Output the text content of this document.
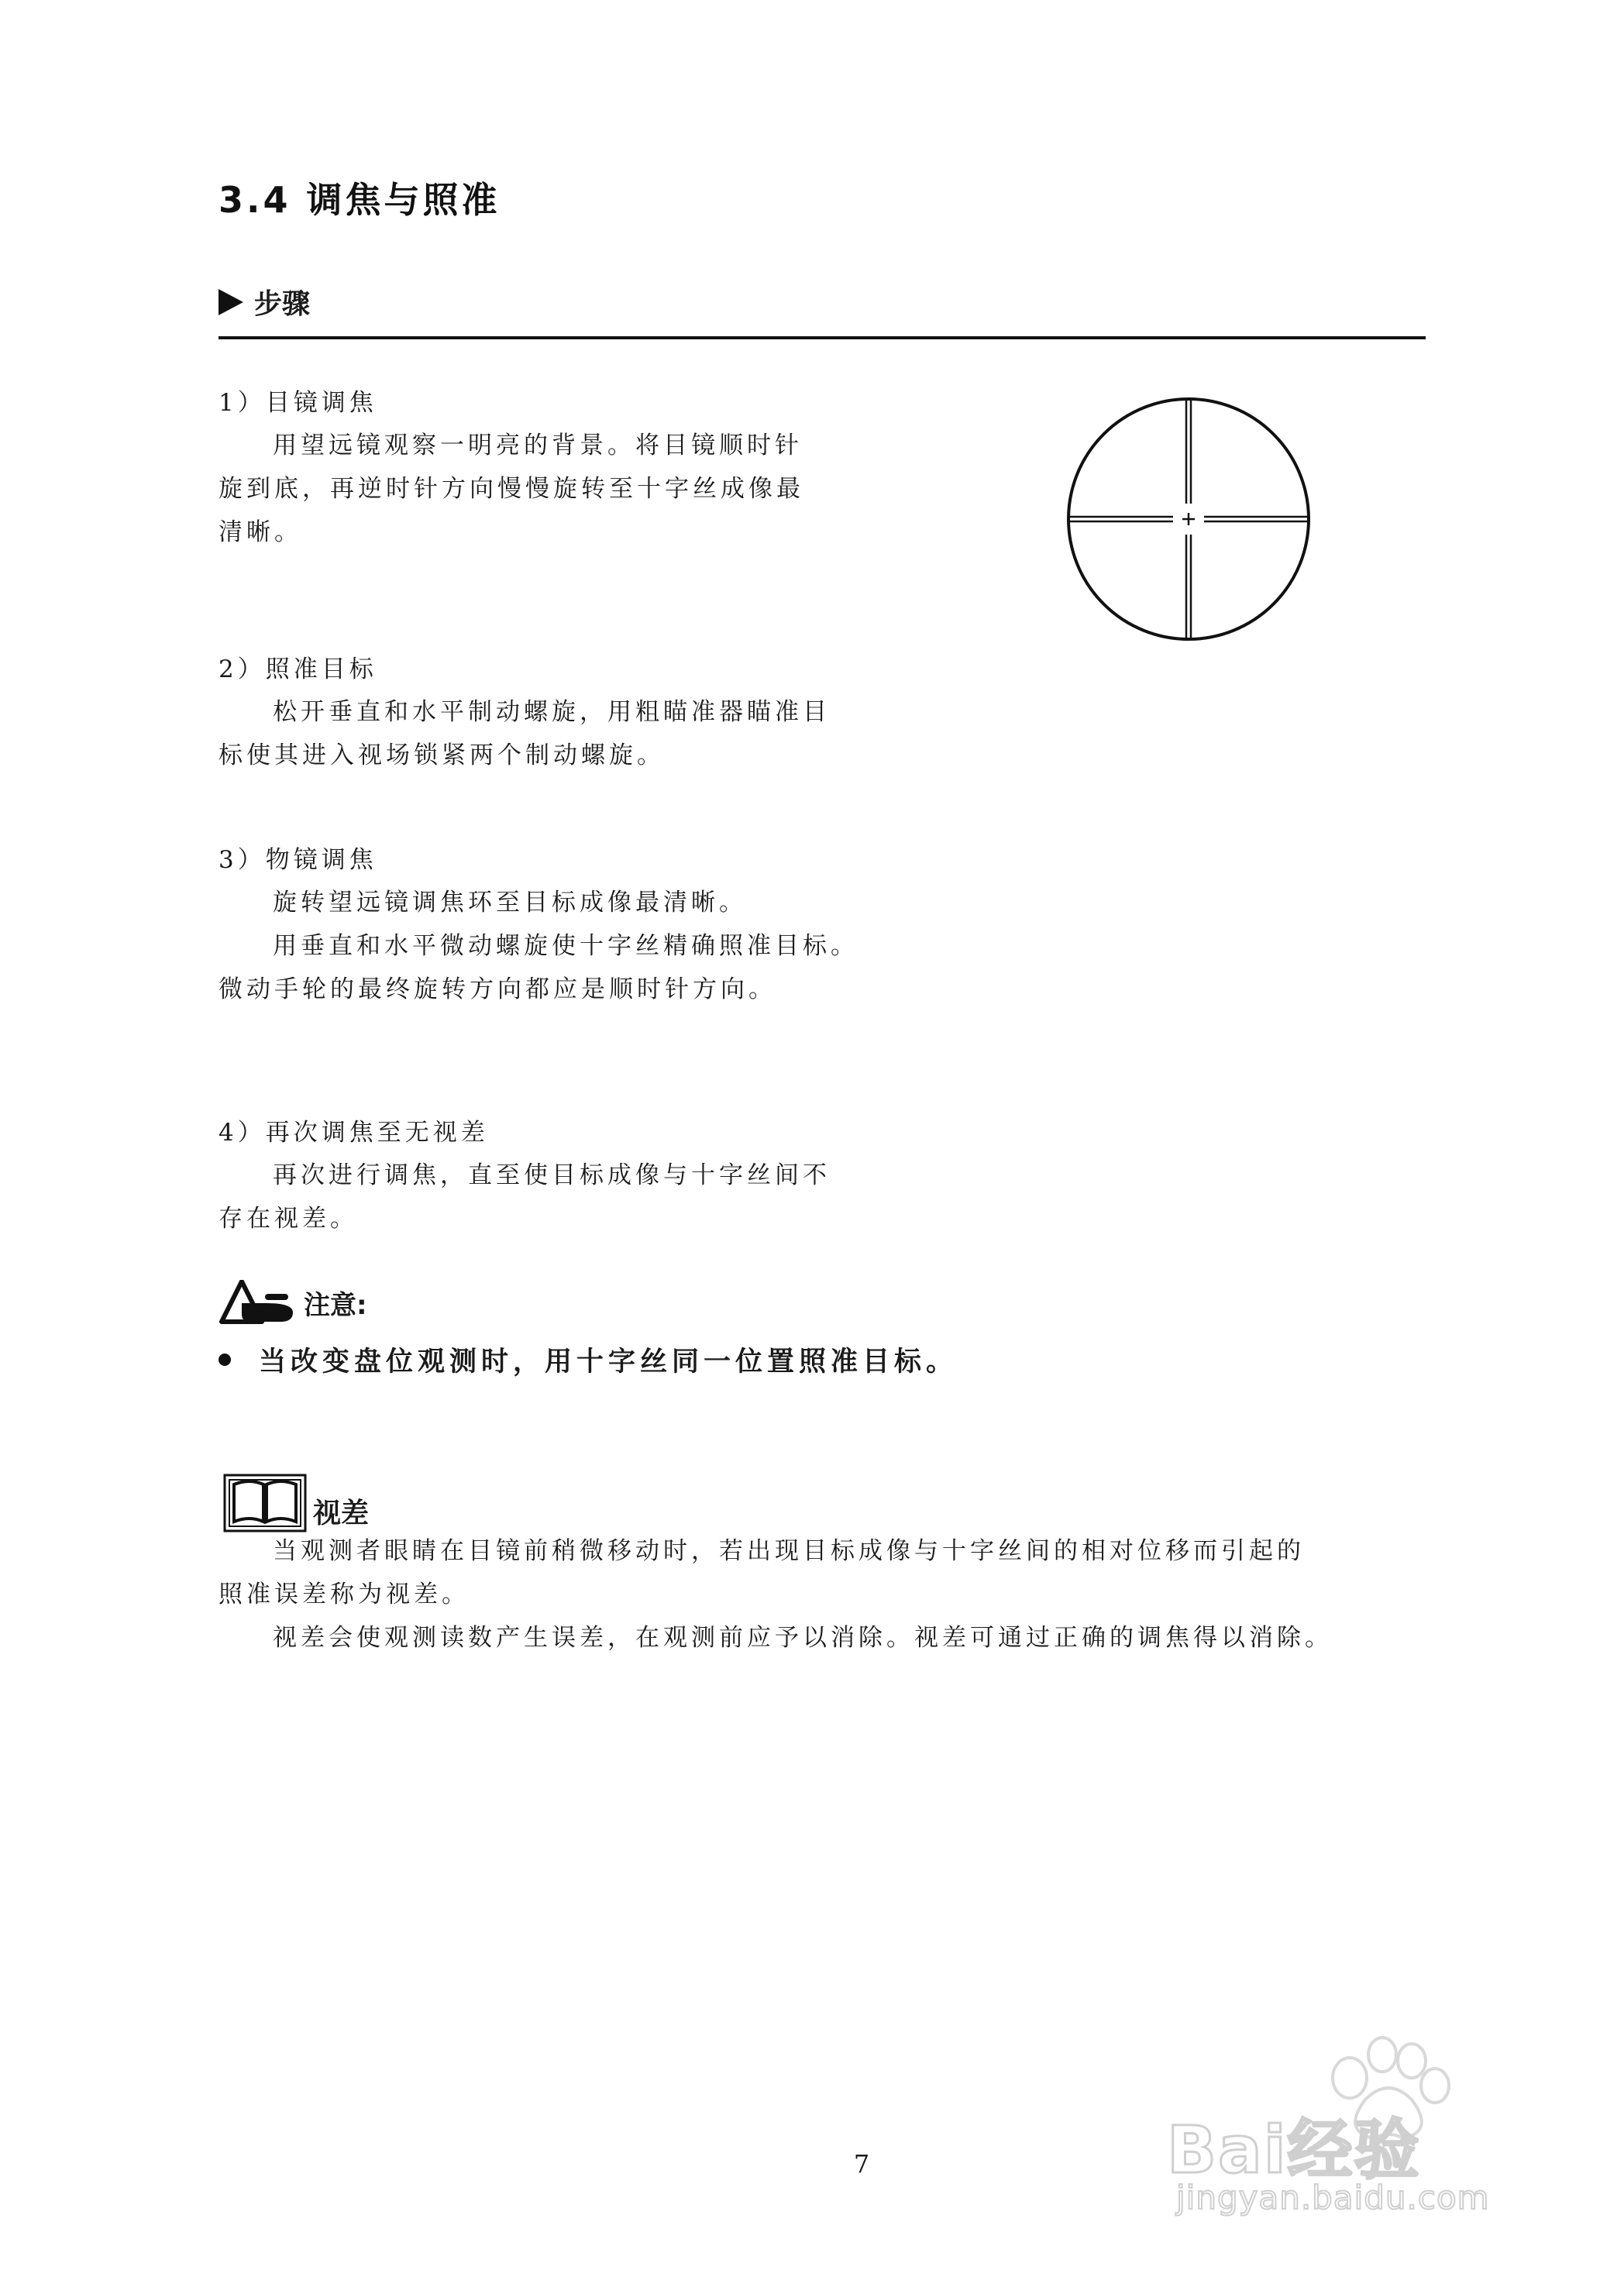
3.4 调焦与照准
步骤
1）目镜调焦
用望远镜观察一明亮的背景。将目镜顺时针
旋到底，再逆时针方向慢慢旋转至十字丝成像最
清晰。
2）照准目标
松开垂直和水平制动螺旋，用粗瞄准器瞄准目
标使其进入视场锁紧两个制动螺旋。
3）物镜调焦
旋转望远镜调焦环至目标成像最清晰。
用垂直和水平微动螺旋使十字丝精确照准目标。
微动手轮的最终旋转方向都应是顺时针方向。
4）再次调焦至无视差
再次进行调焦，直至使目标成像与十字丝间不
存在视差。
注意:
当改变盘位观测时，用十字丝同一位置照准目标。
视差
当观测者眼睛在目镜前稍微移动时，若出现目标成像与十字丝间的相对位移而引起的
照准误差称为视差。
视差会使观测读数产生误差，在观测前应予以消除。视差可通过正确的调焦得以消除。
7	Bai经验
jingyan.baidu.com
